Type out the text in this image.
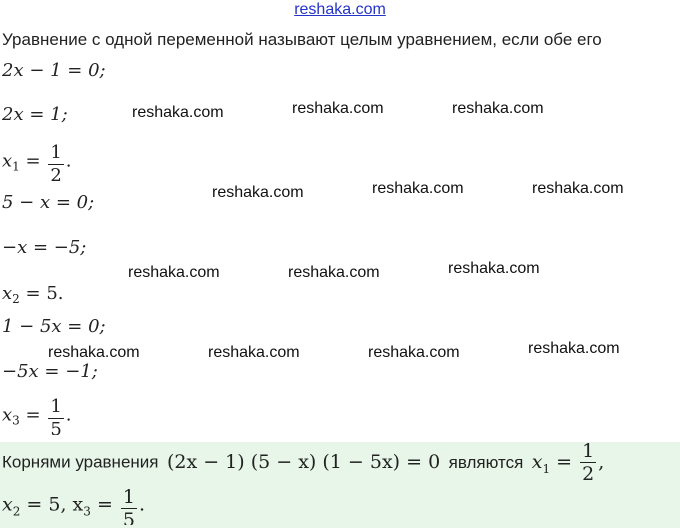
reshaka.com
Уравнение с одной переменной называют целым уравнением, если обе его
2x − 1 = 0;
2x = 1;
$x_1 = \frac{1}{2}$ .
5 − x = 0;
−x = −5;
$x_2 = 5$.
1 − 5x = 0;
−5x = −1;
$x_3 = \frac{1}{5}$ .
reshaka.com	reshaka.com	reshaka.com
reshaka.com	reshaka.com	reshaka.com
reshaka.com	reshaka.com	reshaka.com
reshaka.com	reshaka.com	reshaka.com	reshaka.com
Корнями уравнения (2x − 1) (5 − x) (1 − 5x) = 0 являются $x_1 = \frac{1}{2}$ ,
$x_2 = 5$, $x_3 = \frac{1}{5}$ .
